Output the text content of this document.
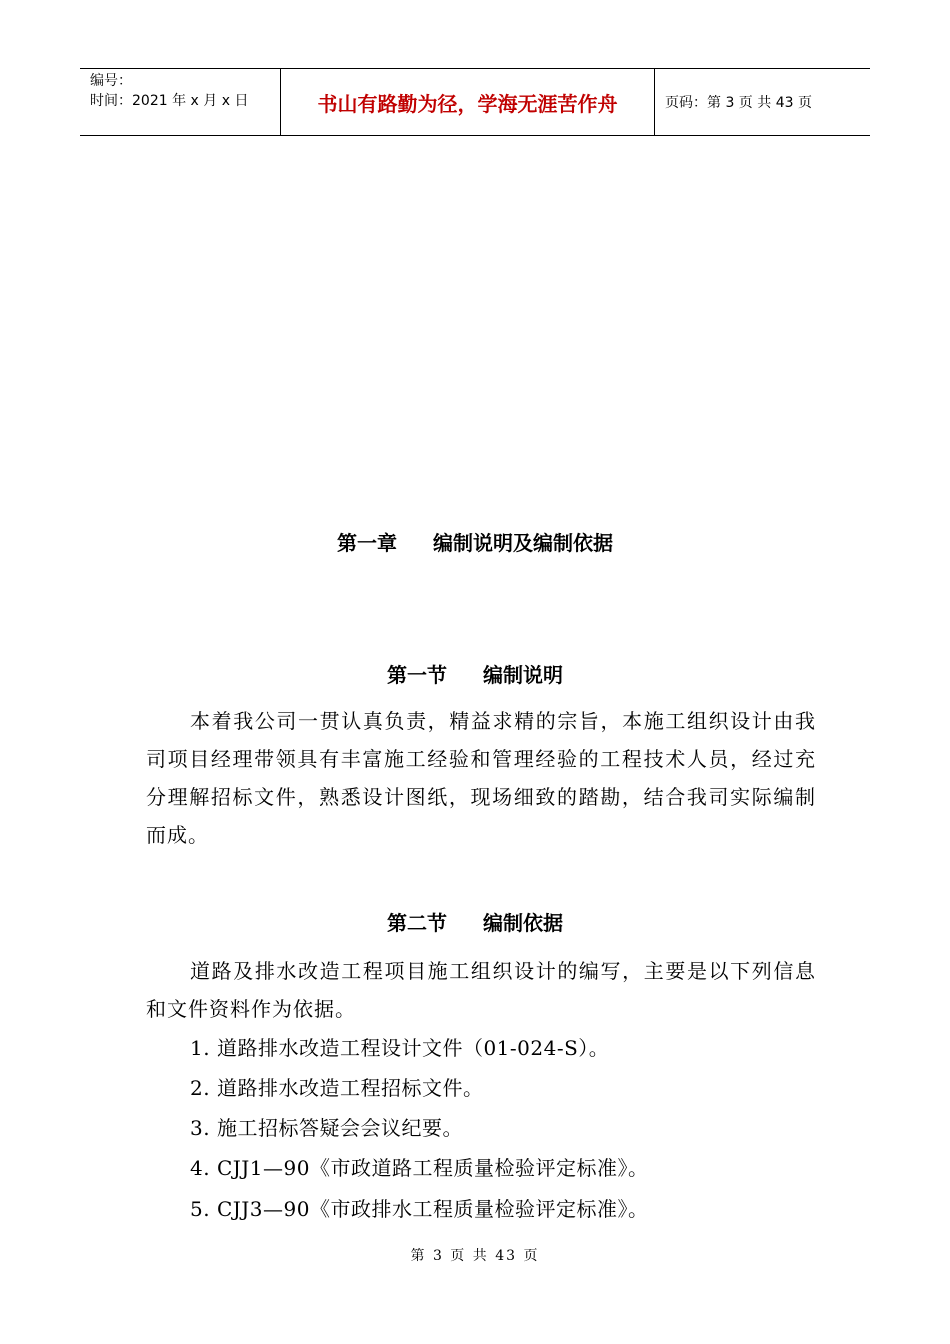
编号：
时间：2021 年 x 月 x 日	书山有路勤为径，学海无涯苦作舟	页码：第 3 页 共 43 页
第一章 编制说明及编制依据
第一节 编制说明
本着我公司一贯认真负责，精益求精的宗旨，本施工组织设计由我司项目经理带领具有丰富施工经验和管理经验的工程技术人员，经过充分理解招标文件，熟悉设计图纸，现场细致的踏勘，结合我司实际编制而成。
第二节 编制依据
道路及排水改造工程项目施工组织设计的编写，主要是以下列信息和文件资料作为依据。
1. 道路排水改造工程设计文件（01-024-S）。
2. 道路排水改造工程招标文件。
3. 施工招标答疑会会议纪要。
4. CJJ1—90《市政道路工程质量检验评定标准》。
5. CJJ3—90《市政排水工程质量检验评定标准》。
第 3 页 共 43 页
